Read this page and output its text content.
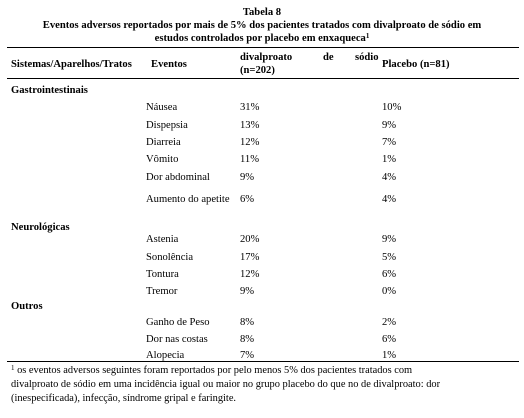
Tabela 8
Eventos adversos reportados por mais de 5% dos pacientes tratados com divalproato de sódio em
estudos controlados por placebo em enxaqueca$^1$
Sistemas/Aparelhos/Tratos Eventos
divalproato	de sódio
(n=202)
Placebo (n=81)
Gastrointestinais
Náusea	31%	10%
Dispepsia	13%	9%
Diarreia	12%	7%
Vômito	11%	1%
Dor abdominal	9%	4%
Aumento do apetite 6%	4%
Neurológicas
Astenia	20%	9%
Sonolência	17%	5%
Tontura	12%	6%
Tremor	9%	0%
Outros
Ganho de Peso	8%	2%
Dor nas costas	8%	6%
Alopecia	7%	1%
$^1$ os eventos adversos seguintes foram reportados por pelo menos 5% dos pacientes tratados com
divalproato de sódio em uma incidência igual ou maior no grupo placebo do que no de divalproato: dor
(inespecificada), infecção, síndrome gripal e faringite.
